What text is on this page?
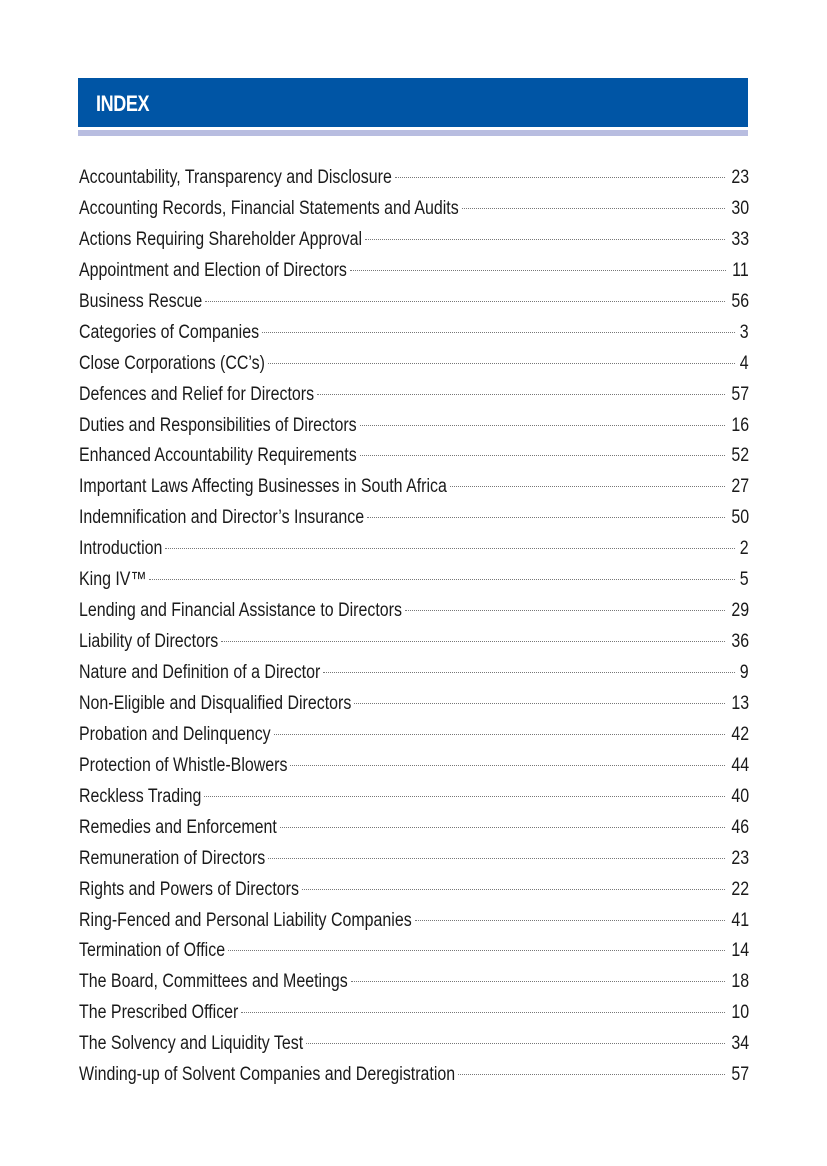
INDEX
Accountability, Transparency and Disclosure	23
Accounting Records, Financial Statements and Audits	30
Actions Requiring Shareholder Approval	33
Appointment and Election of Directors	11
Business Rescue	56
Categories of Companies	3
Close Corporations (CC’s)	4
Defences and Relief for Directors	57
Duties and Responsibilities of Directors	16
Enhanced Accountability Requirements	52
Important Laws Affecting Businesses in South Africa	27
Indemnification and Director’s Insurance	50
Introduction	2
King IV™	5
Lending and Financial Assistance to Directors	29
Liability of Directors	36
Nature and Definition of a Director	9
Non-Eligible and Disqualified Directors	13
Probation and Delinquency	42
Protection of Whistle-Blowers	44
Reckless Trading	40
Remedies and Enforcement	46
Remuneration of Directors	23
Rights and Powers of Directors	22
Ring-Fenced and Personal Liability Companies	41
Termination of Office	14
The Board, Committees and Meetings	18
The Prescribed Officer	10
The Solvency and Liquidity Test	34
Winding-up of Solvent Companies and Deregistration	57
